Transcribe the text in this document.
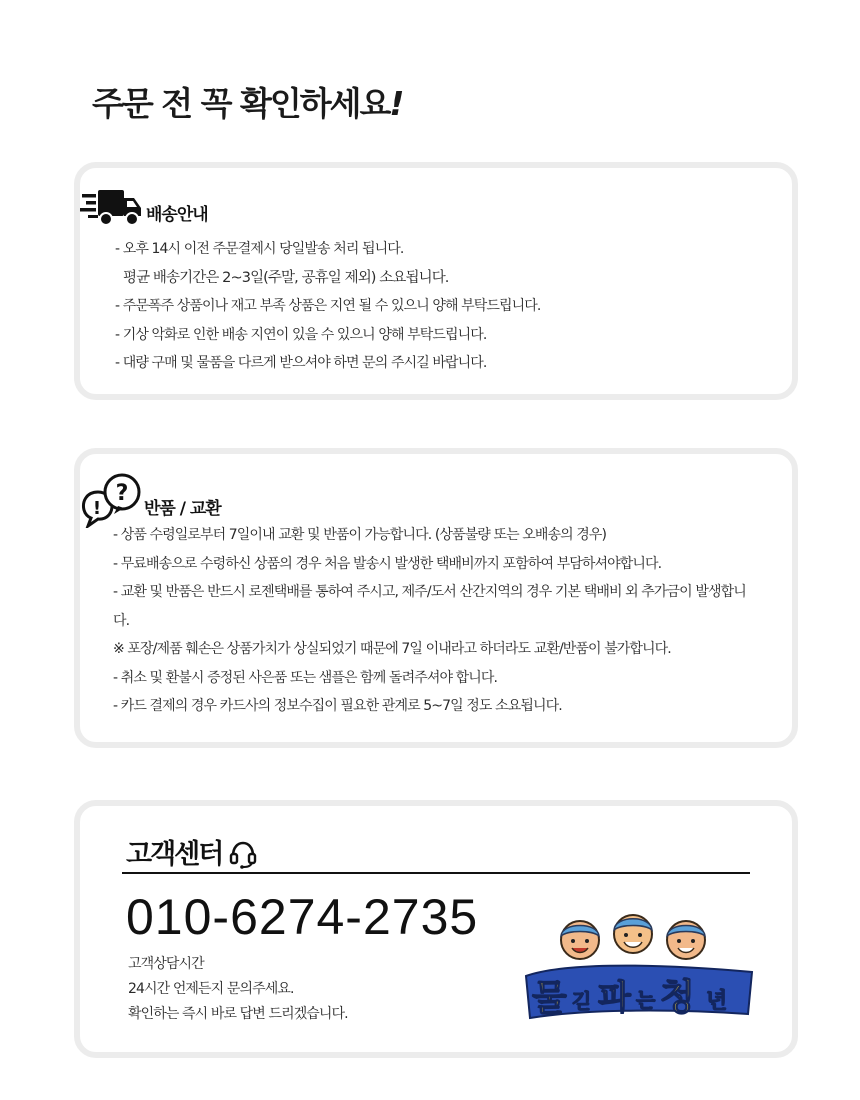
주문 전 꼭 확인하세요!
배송안내
- 오후 14시 이전 주문결제시 당일발송 처리 됩니다.
평균 배송기간은 2~3일(주말, 공휴일 제외) 소요됩니다.
- 주문폭주 상품이나 재고 부족 상품은 지연 될 수 있으니 양해 부탁드립니다.
- 기상 악화로 인한 배송 지연이 있을 수 있으니 양해 부탁드립니다.
- 대량 구매 및 물품을 다르게 받으셔야 하면 문의 주시길 바랍니다.
!
?
반품 / 교환
- 상품 수령일로부터 7일이내 교환 및 반품이 가능합니다. (상품불량 또는 오배송의 경우)
- 무료배송으로 수령하신 상품의 경우 처음 발송시 발생한 택배비까지 포함하여 부담하셔야합니다.
- 교환 및 반품은 반드시 로젠택배를 통하여 주시고, 제주/도서 산간지역의 경우 기본 택배비 외 추가금이 발생합니다.
※ 포장/제품 훼손은 상품가치가 상실되었기 때문에 7일 이내라고 하더라도 교환/반품이 불가합니다.
- 취소 및 환불시 증정된 사은품 또는 샘플은 함께 돌려주셔야 합니다.
- 카드 결제의 경우 카드사의 정보수집이 필요한 관계로 5~7일 정도 소요됩니다.
고객센터
010-6274-2735
고객상담시간
24시간 언제든지 문의주세요.
확인하는 즉시 바로 답변 드리겠습니다.	물 긷 파 는 청 년
